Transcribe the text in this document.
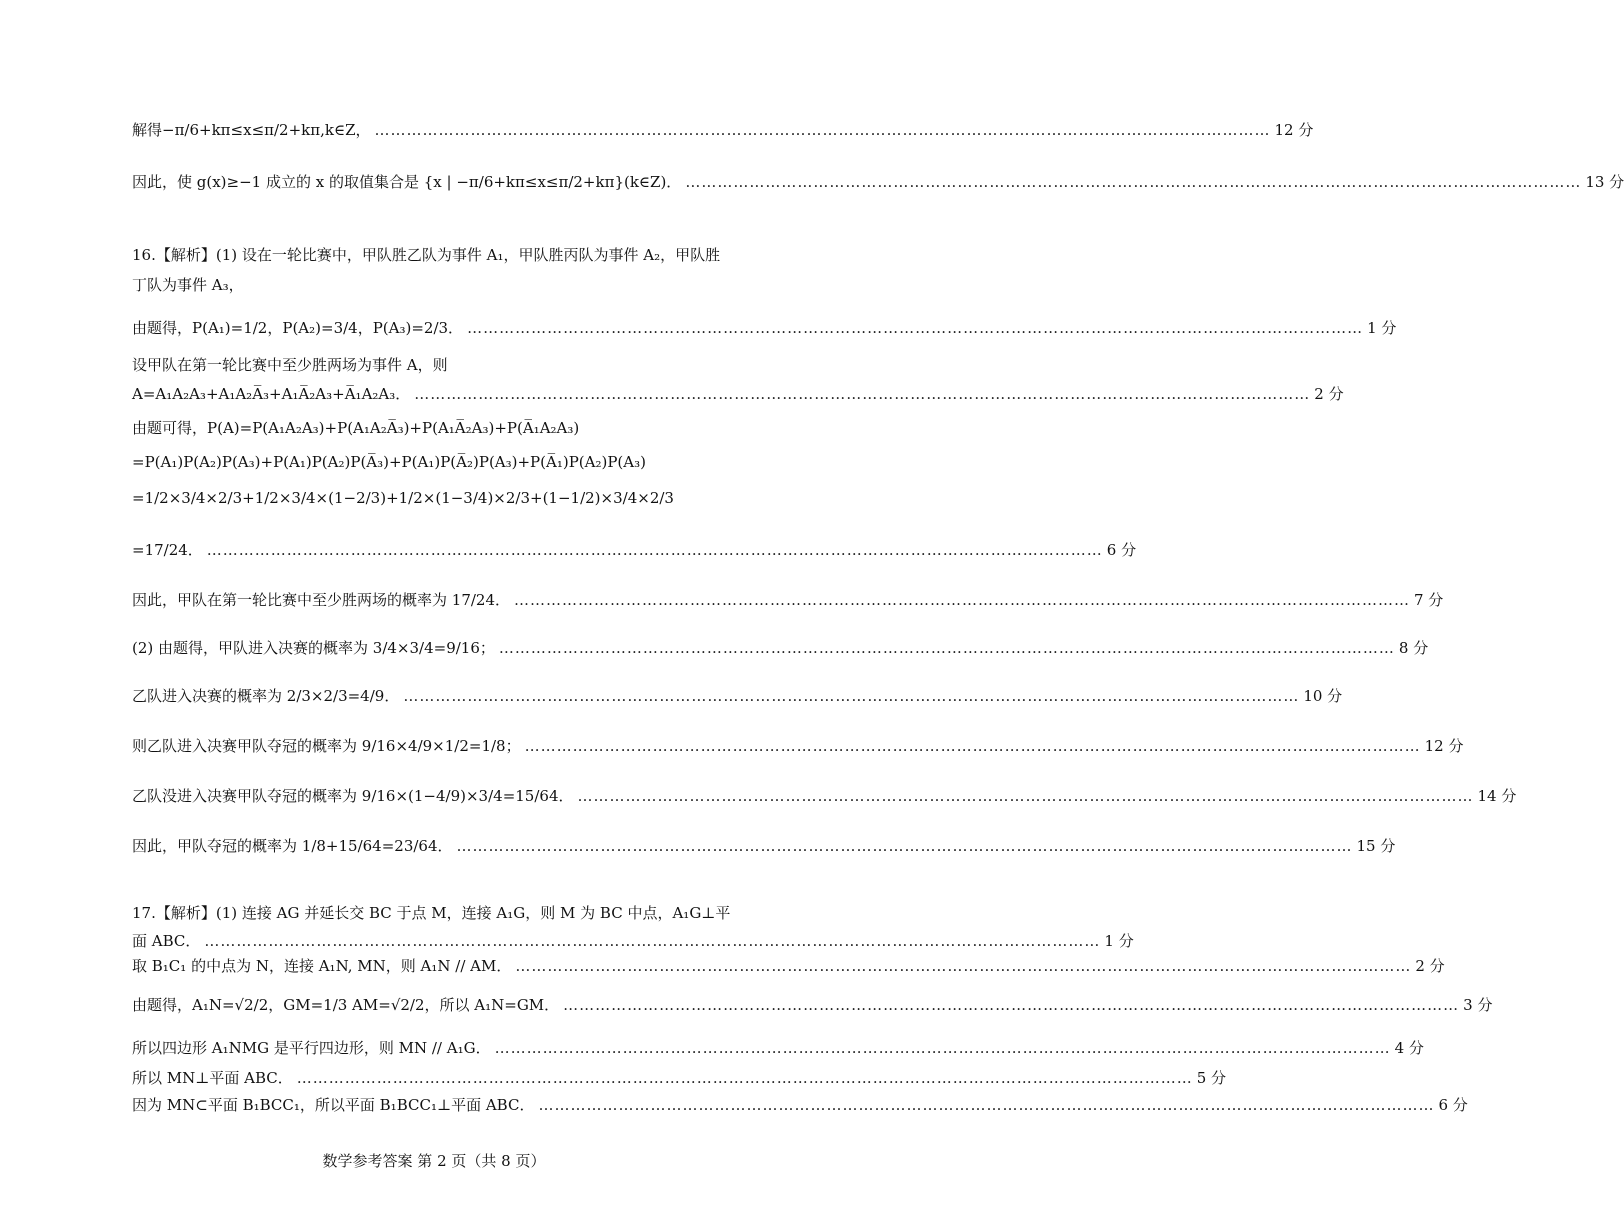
解得−π/6+kπ≤x≤π/2+kπ,k∈Z， …………………………………………………………………………………………………………………………………………………… 12 分
因此，使 g(x)≥−1 成立的 x 的取值集合是 {x | −π/6+kπ≤x≤π/2+kπ}(k∈Z)． …………………………………………………………………………………………………………………………………………………… 13 分
16.【解析】(1) 设在一轮比赛中，甲队胜乙队为事件 A₁，甲队胜丙队为事件 A₂，甲队胜
丁队为事件 A₃，
由题得，P(A₁)=1/2，P(A₂)=3/4，P(A₃)=2/3． …………………………………………………………………………………………………………………………………………………… 1 分
设甲队在第一轮比赛中至少胜两场为事件 A，则
A=A₁A₂A₃+A₁A₂A̅₃+A₁A̅₂A₃+A̅₁A₂A₃． …………………………………………………………………………………………………………………………………………………… 2 分
由题可得，P(A)=P(A₁A₂A₃)+P(A₁A₂A̅₃)+P(A₁A̅₂A₃)+P(A̅₁A₂A₃)
=P(A₁)P(A₂)P(A₃)+P(A₁)P(A₂)P(A̅₃)+P(A₁)P(A̅₂)P(A₃)+P(A̅₁)P(A₂)P(A₃)
=1/2×3/4×2/3+1/2×3/4×(1−2/3)+1/2×(1−3/4)×2/3+(1−1/2)×3/4×2/3
=17/24． …………………………………………………………………………………………………………………………………………………… 6 分
因此，甲队在第一轮比赛中至少胜两场的概率为 17/24． …………………………………………………………………………………………………………………………………………………… 7 分
(2) 由题得，甲队进入决赛的概率为 3/4×3/4=9/16； …………………………………………………………………………………………………………………………………………………… 8 分
乙队进入决赛的概率为 2/3×2/3=4/9． …………………………………………………………………………………………………………………………………………………… 10 分
则乙队进入决赛甲队夺冠的概率为 9/16×4/9×1/2=1/8； …………………………………………………………………………………………………………………………………………………… 12 分
乙队没进入决赛甲队夺冠的概率为 9/16×(1−4/9)×3/4=15/64． …………………………………………………………………………………………………………………………………………………… 14 分
因此，甲队夺冠的概率为 1/8+15/64=23/64． …………………………………………………………………………………………………………………………………………………… 15 分
17.【解析】(1) 连接 AG 并延长交 BC 于点 M，连接 A₁G，则 M 为 BC 中点，A₁G⊥平
面 ABC． …………………………………………………………………………………………………………………………………………………… 1 分
取 B₁C₁ 的中点为 N，连接 A₁N, MN，则 A₁N // AM． …………………………………………………………………………………………………………………………………………………… 2 分
由题得，A₁N=√2/2，GM=1/3 AM=√2/2，所以 A₁N=GM． …………………………………………………………………………………………………………………………………………………… 3 分
所以四边形 A₁NMG 是平行四边形，则 MN // A₁G． …………………………………………………………………………………………………………………………………………………… 4 分
所以 MN⊥平面 ABC． …………………………………………………………………………………………………………………………………………………… 5 分
因为 MN⊂平面 B₁BCC₁，所以平面 B₁BCC₁⊥平面 ABC． …………………………………………………………………………………………………………………………………………………… 6 分
数学参考答案 第 2 页（共 8 页）
